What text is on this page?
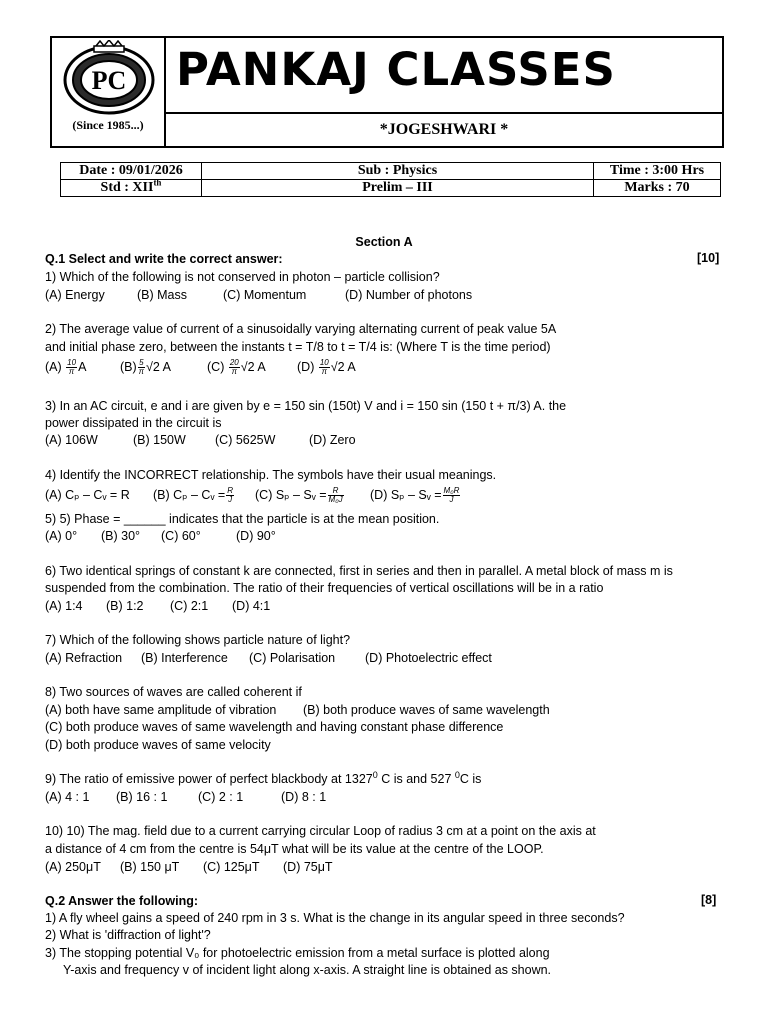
PC
(Since 1985...)
PANKAJ CLASSES
*JOGESHWARI *
Date : 09/01/2026	Sub : Physics	Time : 3:00 Hrs
Std : XIIth	Prelim – III	Marks : 70
Section A
Q.1 Select and write the correct answer:	[10]
1) Which of the following is not conserved in photon – particle collision?
(A) Energy	(B) Mass	(C) Momentum	(D) Number of photons
2) The average value of current of a sinusoidally varying alternating current of peak value 5A
and initial phase zero, between the instants t = T/8 to t = T/4 is: (Where T is the time period)
$(A) \frac{10}{\pi}$ A	$(B) \frac{5}{\pi} √2$ A	$(C) \frac{20}{\pi} √2$ A	$(D) \frac{10}{\pi} √2$ A
3) In an AC circuit, e and i are given by e = 150 sin (150t) V and i = 150 sin (150 t + π/3) A. the
power dissipated in the circuit is
(A) 106W	(B) 150W (C) 5625W	(D) Zero
4) Identify the INCORRECT relationship. The symbols have their usual meanings.
(A) Cₚ – Cᵥ = R (B) Cₚ – Cᵥ = $\frac{R}{J} (C)$ Sₚ – Sᵥ = $\frac{R}{\text{M₀J}} (D)$ Sₚ – Sᵥ = $\frac{\text{M₀R}}{J}$
5) 5) Phase = ______ indicates that the particle is at the mean position.
(A) 0° (B) 30° (C) 60°	(D) 90°
6) Two identical springs of constant k are connected, first in series and then in parallel. A metal block of mass m is
suspended from the combination. The ratio of their frequencies of vertical oscillations will be in a ratio
(A) 1:4 (B) 1:2 (C) 2:1 (D) 4:1
7) Which of the following shows particle nature of light?
(A) Refraction (B) Interference (C) Polarisation (D) Photoelectric effect
8) Two sources of waves are called coherent if
(A) both have same amplitude of vibration (B) both produce waves of same wavelength
(C) both produce waves of same wavelength and having constant phase difference
(D) both produce waves of same velocity
9) The ratio of emissive power of perfect blackbody at 1327$^0$ C is and 527 $^0$C is
(A) 4 : 1 (B) 16 : 1 (C) 2 : 1	(D) 8 : 1
10) 10) The mag. field due to a current carrying circular Loop of radius 3 cm at a point on the axis at
a distance of 4 cm from the centre is 54μT what will be its value at the centre of the LOOP.
(A) 250μT (B) 150 μT (C) 125μT (D) 75μT
Q.2 Answer the following:	[8]
1) A fly wheel gains a speed of 240 rpm in 3 s. What is the change in its angular speed in three seconds?
2) What is 'diffraction of light'?
3) The stopping potential V₀ for photoelectric emission from a metal surface is plotted along
Y-axis and frequency v of incident light along x-axis. A straight line is obtained as shown.
